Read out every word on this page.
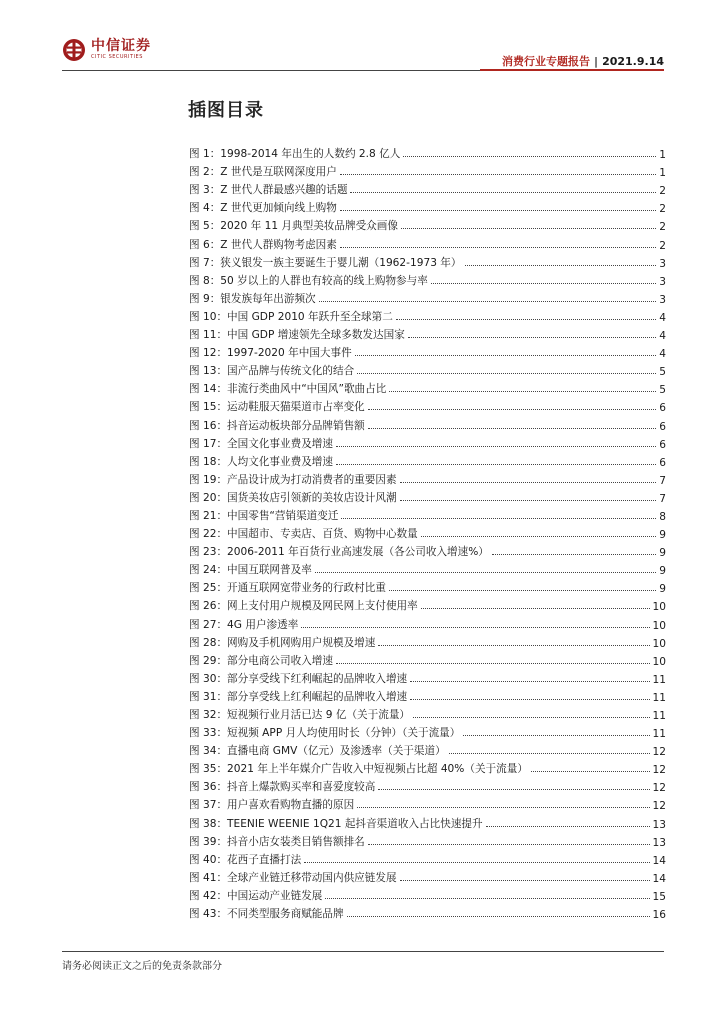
中信证券
CITIC SECURITIES	消费行业专题报告 | 2021.9.14
插图目录
图 1：1998-2014 年出生的人数约 2.8 亿人	1
图 2：Z 世代是互联网深度用户	1
图 3：Z 世代人群最感兴趣的话题	2
图 4：Z 世代更加倾向线上购物	2
图 5：2020 年 11 月典型美妆品牌受众画像	2
图 6：Z 世代人群购物考虑因素	2
图 7：狭义银发一族主要诞生于婴儿潮（1962-1973 年）	3
图 8：50 岁以上的人群也有较高的线上购物参与率	3
图 9：银发族每年出游频次	3
图 10：中国 GDP 2010 年跃升至全球第二	4
图 11：中国 GDP 增速领先全球多数发达国家	4
图 12：1997-2020 年中国大事件	4
图 13：国产品牌与传统文化的结合	5
图 14：非流行类曲风中“中国风”歌曲占比	5
图 15：运动鞋服天猫渠道市占率变化	6
图 16：抖音运动板块部分品牌销售额	6
图 17：全国文化事业费及增速	6
图 18：人均文化事业费及增速	6
图 19：产品设计成为打动消费者的重要因素	7
图 20：国货美妆店引领新的美妆店设计风潮	7
图 21：中国零售“营销渠道变迁	8
图 22：中国超市、专卖店、百货、购物中心数量	9
图 23：2006-2011 年百货行业高速发展（各公司收入增速%）	9
图 24：中国互联网普及率	9
图 25：开通互联网宽带业务的行政村比重	9
图 26：网上支付用户规模及网民网上支付使用率	10
图 27：4G 用户渗透率	10
图 28：网购及手机网购用户规模及增速	10
图 29：部分电商公司收入增速	10
图 30：部分享受线下红利崛起的品牌收入增速	11
图 31：部分享受线上红利崛起的品牌收入增速	11
图 32：短视频行业月活已达 9 亿（关于流量）	11
图 33：短视频 APP 月人均使用时长（分钟）（关于流量）	11
图 34：直播电商 GMV（亿元）及渗透率（关于渠道）	12
图 35：2021 年上半年媒介广告收入中短视频占比超 40%（关于流量）	12
图 36：抖音上爆款购买率和喜爱度较高	12
图 37：用户喜欢看购物直播的原因	12
图 38：TEENIE WEENIE 1Q21 起抖音渠道收入占比快速提升	13
图 39：抖音小店女装类目销售额排名	13
图 40：花西子直播打法	14
图 41：全球产业链迁移带动国内供应链发展	14
图 42：中国运动产业链发展	15
图 43：不同类型服务商赋能品牌	16
请务必阅读正文之后的免责条款部分
